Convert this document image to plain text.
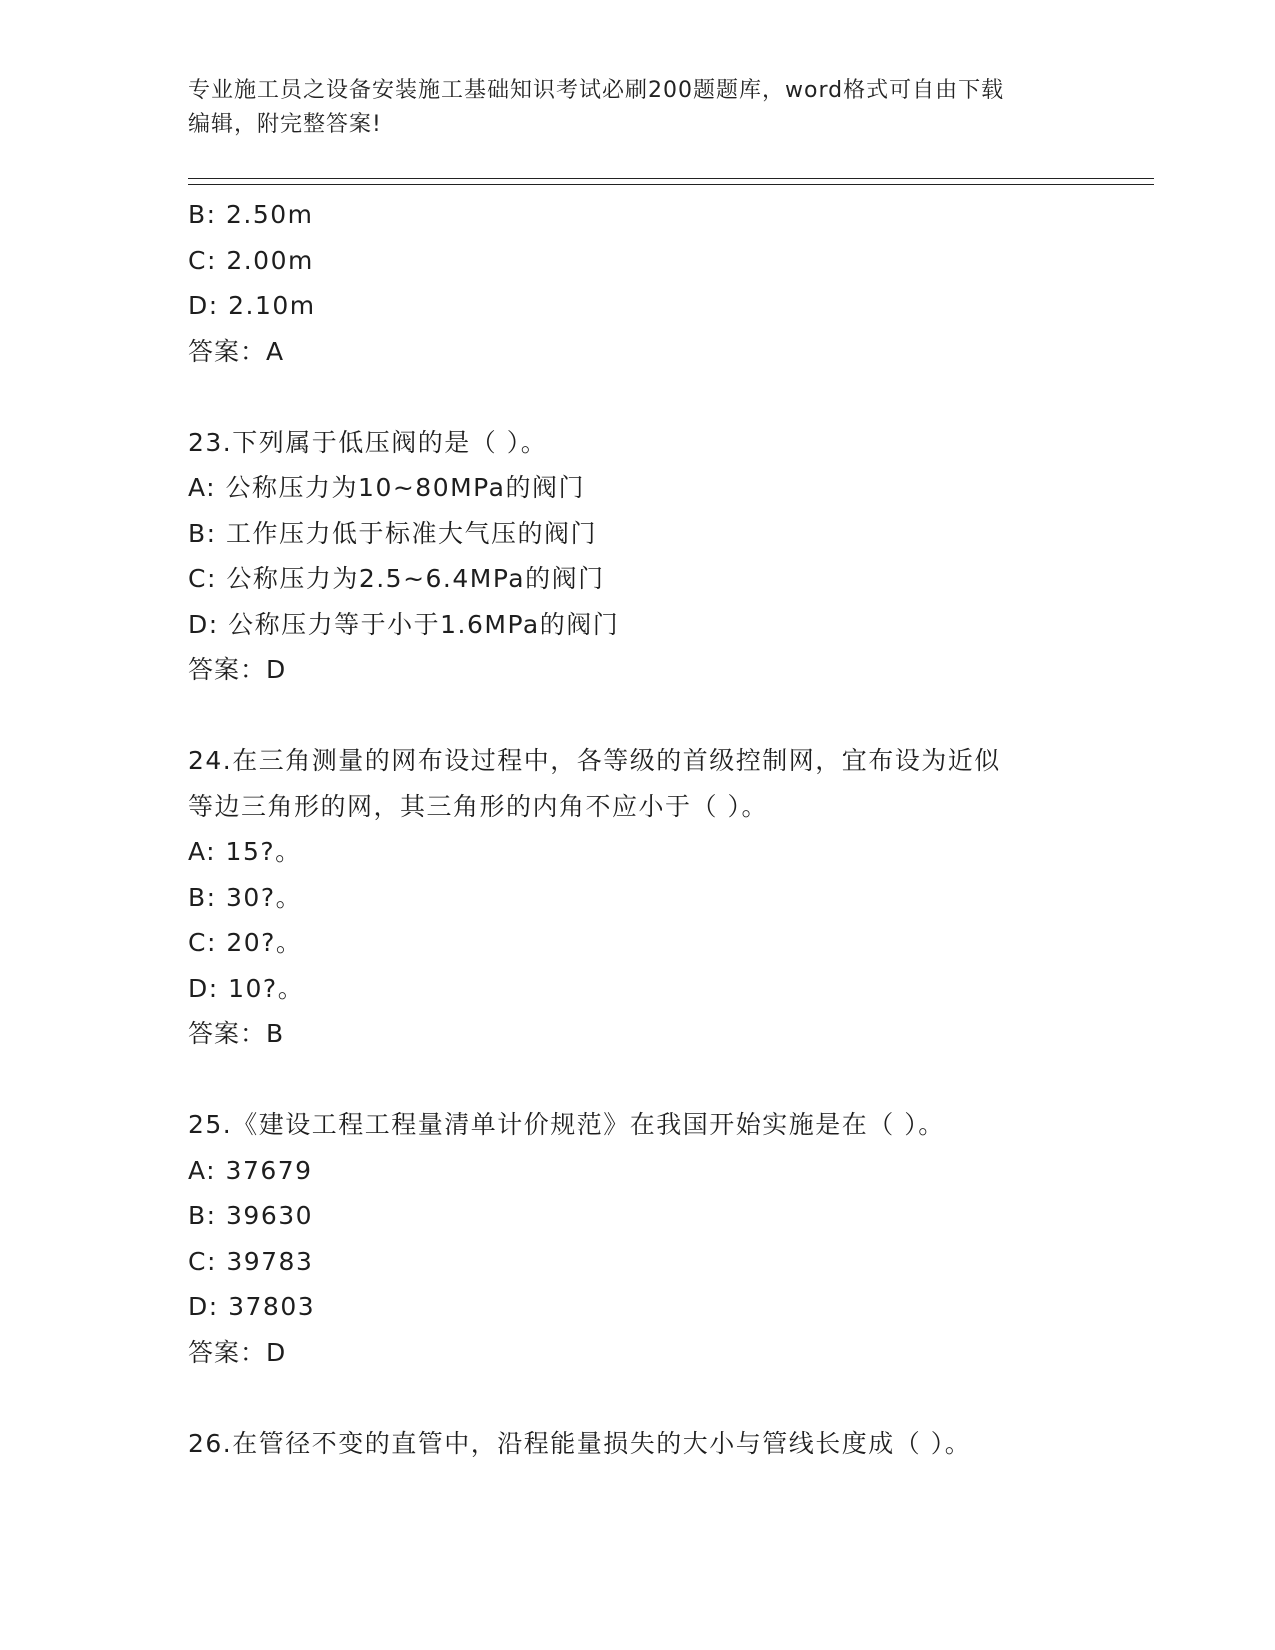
专业施工员之设备安装施工基础知识考试必刷200题题库，word格式可自由下载
编辑，附完整答案!
B: 2.50m
C: 2.00m
D: 2.10m
答案：A
23.下列属于低压阀的是（ ）。
A: 公称压力为10~80MPa的阀门
B: 工作压力低于标准大气压的阀门
C: 公称压力为2.5~6.4MPa的阀门
D: 公称压力等于小于1.6MPa的阀门
答案：D
24.在三角测量的网布设过程中，各等级的首级控制网，宜布设为近似
等边三角形的网，其三角形的内角不应小于（ ）。
A: 15?。
B: 30?。
C: 20?。
D: 10?。
答案：B
25.《建设工程工程量清单计价规范》在我国开始实施是在（ ）。
A: 37679
B: 39630
C: 39783
D: 37803
答案：D
26.在管径不变的直管中，沿程能量损失的大小与管线长度成（ ）。
